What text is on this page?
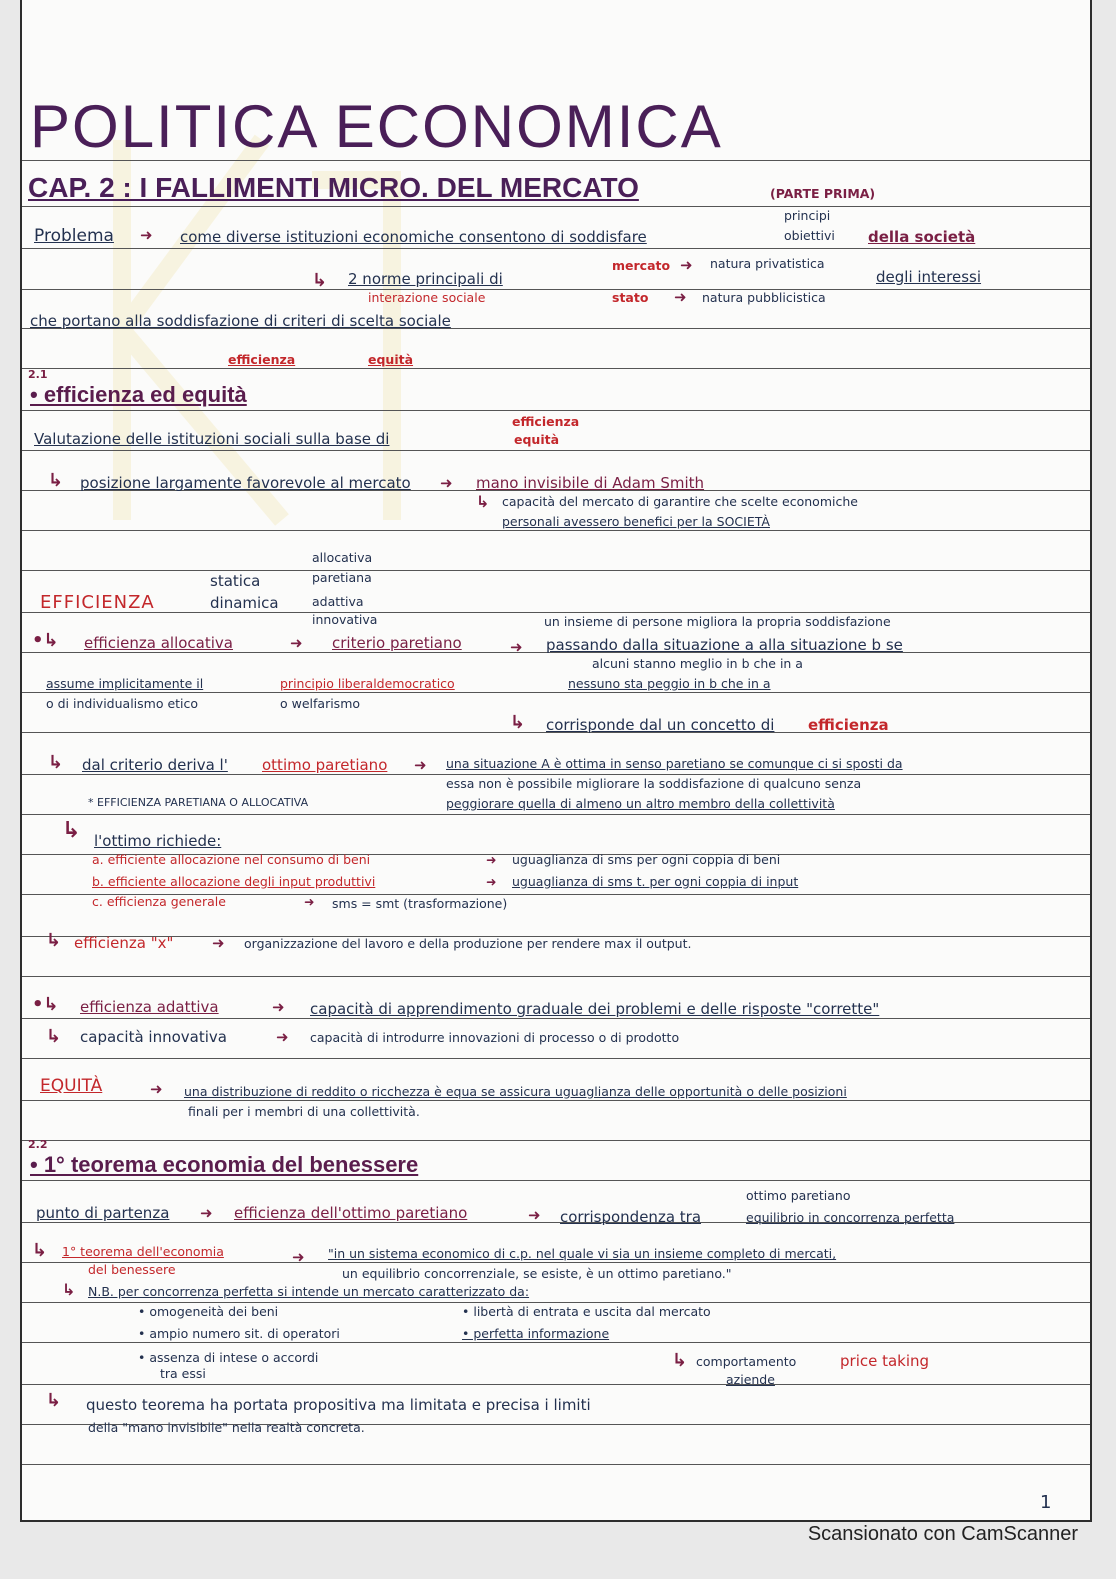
POLITICA ECONOMICA
CAP. 2 : I FALLIMENTI MICRO. DEL MERCATO	(PARTE PRIMA)
Problema ➜ come diverse istituzioni economiche consentono di soddisfare
principi
obiettivi della società
↳ 2 norme principali di
interazione sociale
mercato ➜ natura privatistica
stato ➜ natura pubblicistica
degli interessi
che portano alla soddisfazione di criteri di scelta sociale
efficienza	equità
2.1
• efficienza ed equità
Valutazione delle istituzioni sociali sulla base di
efficienza
equità
↳ posizione largamente favorevole al mercato ➜ mano invisibile di Adam Smith
↳ capacità del mercato di garantire che scelte economiche
personali avessero benefici per la SOCIETÀ
EFFICIENZA
statica
dinamica
allocativa
paretiana
adattiva
innovativa
•↳ efficienza allocativa	➜ criterio paretiano	➜
un insieme di persone migliora la propria soddisfazione
passando dalla situazione a alla situazione b se
alcuni stanno meglio in b che in a
nessuno sta peggio in b che in a
assume implicitamente il	principio liberaldemocratico
o di individualismo etico	o welfarismo
↳ corrisponde dal un concetto di efficienza
↳ dal criterio deriva l' ottimo paretiano ➜ una situazione A è ottima in senso paretiano se comunque ci si sposti da
essa non è possibile migliorare la soddisfazione di qualcuno senza
peggiorare quella di almeno un altro membro della collettività
* EFFICIENZA PARETIANA O ALLOCATIVA
↳ l'ottimo richiede:
a. efficiente allocazione nel consumo di beni	➜ uguaglianza di sms per ogni coppia di beni
b. efficiente allocazione degli input produttivi	➜ uguaglianza di sms t. per ogni coppia di input
c. efficienza generale	➜ sms = smt (trasformazione)
↳ efficienza "x"	➜ organizzazione del lavoro e della produzione per rendere max il output.
•↳ efficienza adattiva	➜ capacità di apprendimento graduale dei problemi e delle risposte "corrette"
↳ capacità innovativa	➜ capacità di introdurre innovazioni di processo o di prodotto
EQUITÀ	➜ una distribuzione di reddito o ricchezza è equa se assicura uguaglianza delle opportunità o delle posizioni
finali per i membri di una collettività.
2.2
• 1° teorema economia del benessere
punto di partenza ➜ efficienza dell'ottimo paretiano	➜ corrispondenza tra
ottimo paretiano
equilibrio in concorrenza perfetta
↳ 1° teorema dell'economia
del benessere
➜ "in un sistema economico di c.p. nel quale vi sia un insieme completo di mercati,
un equilibrio concorrenziale, se esiste, è un ottimo paretiano."
↳ N.B. per concorrenza perfetta si intende un mercato caratterizzato da:
• omogeneità dei beni
• ampio numero sit. di operatori
• assenza di intese o accordi
tra essi
• libertà di entrata e uscita dal mercato
• perfetta informazione
↳ comportamento
aziende
price taking
↳ questo teorema ha portata propositiva ma limitata e precisa i limiti
della "mano invisibile" nella realtà concreta.
1
Scansionato con CamScanner
